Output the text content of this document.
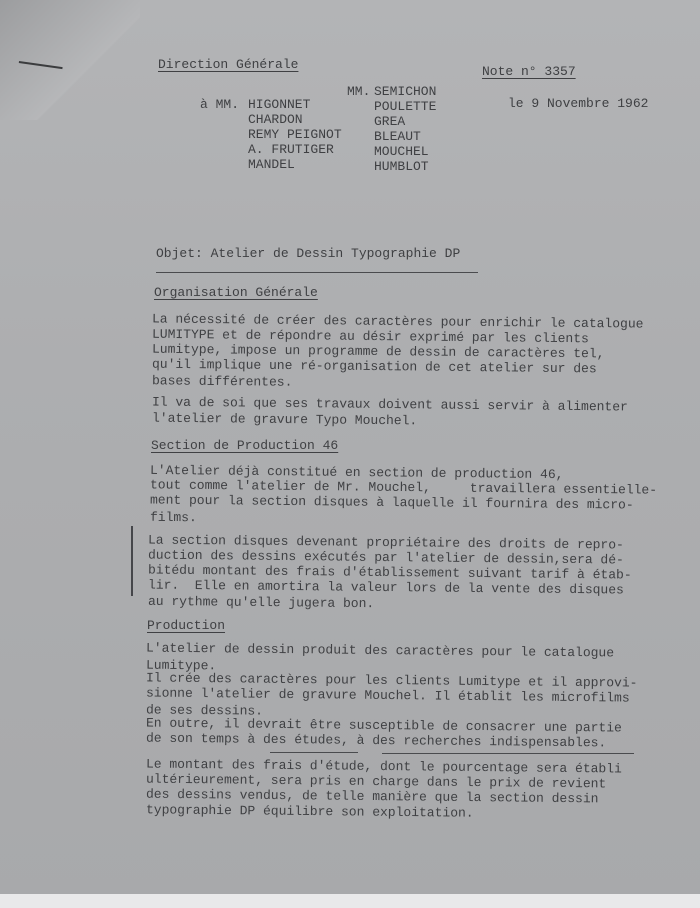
Direction Générale	Note n° 3357
le 9 Novembre 1962
MM.
à MM. HIGONNET
CHARDON
REMY PEIGNOT
A. FRUTIGER
MANDEL
SEMICHON
POULETTE
GREA
BLEAUT
MOUCHEL
HUMBLOT
Objet: Atelier de Dessin Typographie DP
Organisation Générale
La nécessité de créer des caractères pour enrichir le catalogue
LUMITYPE et de répondre au désir exprimé par les clients
Lumitype, impose un programme de dessin de caractères tel,
qu'il implique une ré-organisation de cet atelier sur des
bases différentes.
Il va de soi que ses travaux doivent aussi servir à alimenter
l'atelier de gravure Typo Mouchel.
Section de Production 46
L'Atelier déjà constitué en section de production 46,
tout comme l'atelier de Mr. Mouchel,     travaillera essentielle-
ment pour la section disques à laquelle il fournira des micro-
films.
La section disques devenant propriétaire des droits de repro-
duction des dessins exécutés par l'atelier de dessin,sera dé-
bitédu montant des frais d'établissement suivant tarif à étab-
lir.  Elle en amortira la valeur lors de la vente des disques
au rythme qu'elle jugera bon.
Production
L'atelier de dessin produit des caractères pour le catalogue
Lumitype.
Il crée des caractères pour les clients Lumitype et il approvi-
sionne l'atelier de gravure Mouchel. Il établit les microfilms
de ses dessins.
En outre, il devrait être susceptible de consacrer une partie
de son temps à des études, à des recherches indispensables.
Le montant des frais d'étude, dont le pourcentage sera établi
ultérieurement, sera pris en charge dans le prix de revient
des dessins vendus, de telle manière que la section dessin
typographie DP équilibre son exploitation.
